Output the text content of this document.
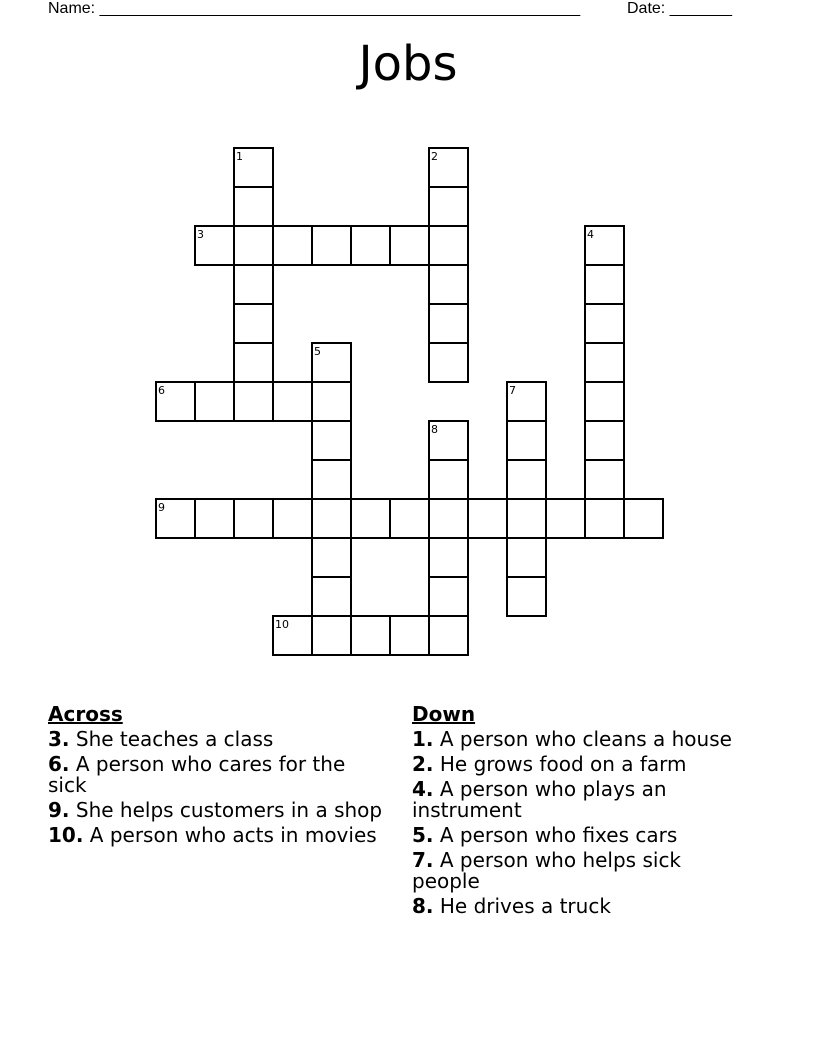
Name: ______________________________________________________	Date: _______
Jobs
1	2
3	4
5
6	7
8
9
10
Across
3. She teaches a class
6. A person who cares for the sick
9. She helps customers in a shop
10. A person who acts in movies
Down
1. A person who cleans a house
2. He grows food on a farm
4. A person who plays an instrument
5. A person who fixes cars
7. A person who helps sick people
8. He drives a truck
